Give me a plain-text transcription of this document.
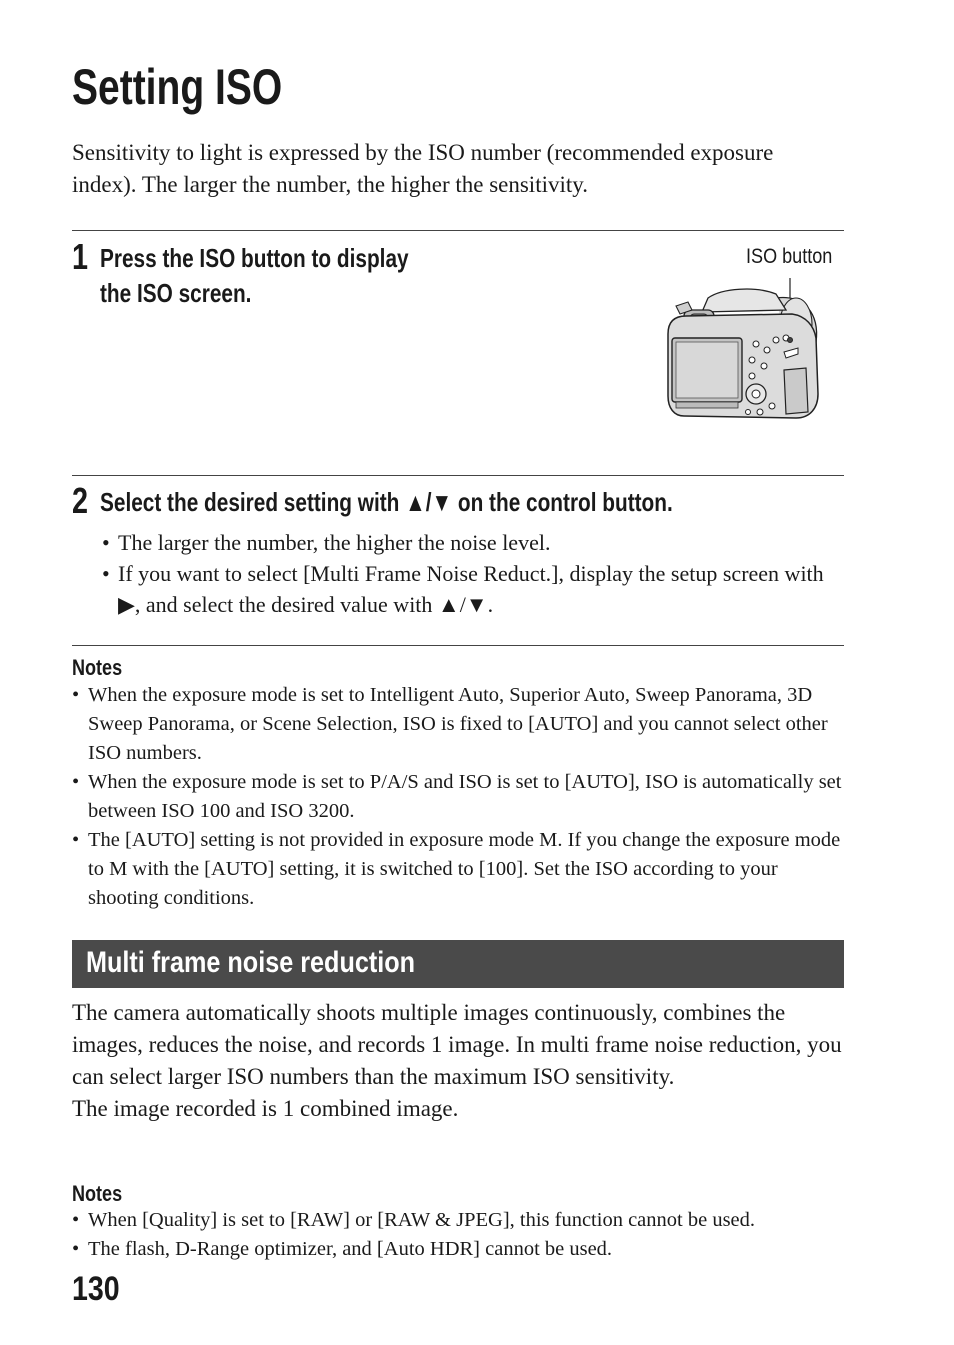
Setting ISO
Sensitivity to light is expressed by the ISO number (recommended exposure index). The larger the number, the higher the sensitivity.
1 Press the ISO button to display
the ISO screen.
ISO button
2 Select the desired setting with ▲/▼ on the control button.
• The larger the number, the higher the noise level.
• If you want to select [Multi Frame Noise Reduct.], display the setup screen with ▶, and select the desired value with ▲/▼.
Notes
• When the exposure mode is set to Intelligent Auto, Superior Auto, Sweep Panorama, 3D Sweep Panorama, or Scene Selection, ISO is fixed to [AUTO] and you cannot select other ISO numbers.
• When the exposure mode is set to P/A/S and ISO is set to [AUTO], ISO is automatically set between ISO 100 and ISO 3200.
• The [AUTO] setting is not provided in exposure mode M. If you change the exposure mode to M with the [AUTO] setting, it is switched to [100]. Set the ISO according to your shooting conditions.
Multi frame noise reduction

The camera automatically shoots multiple images continuously, combines the images, reduces the noise, and records 1 image. In multi frame noise reduction, you can select larger ISO numbers than the maximum ISO sensitivity.

The image recorded is 1 combined image.

Notes
• When [Quality] is set to [RAW] or [RAW & JPEG], this function cannot be used.
• The flash, D-Range optimizer, and [Auto HDR] cannot be used.
130
